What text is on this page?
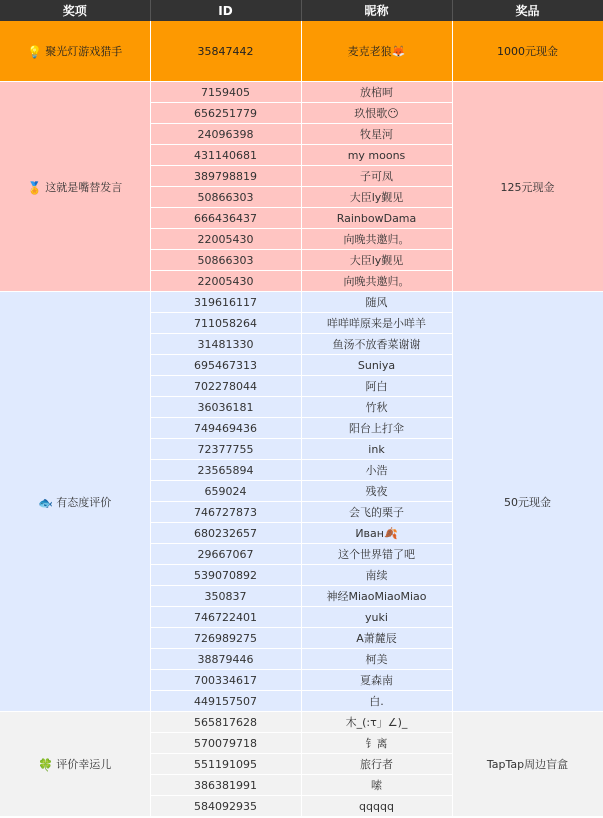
奖项	ID	昵称	奖品
💡 聚光灯游戏猎手	35847442	麦克老狼🦊	1000元现金
🏅 这就是嘴替发言	7159405	放棺呵	125元现金
	656251779	玖恨歌😶	
	24096398	牧星河	
	431140681	my moons	
	389798819	子可凤	
	50866303	大臣ly觐见	
	666436437	RainbowDama	
	22005430	向晚共邀归。	
	50866303	大臣ly觐见	
	22005430	向晚共邀归。	
🐟 有态度评价	319616117	随风	50元现金
	711058264	咩咩咩原来是小咩羊	
	31481330	鱼汤不放香菜谢谢	
	695467313	Suniya	
	702278044	阿白	
	36036181	竹秋	
	749469436	阳台上打伞	
	72377755	ink	
	23565894	小浩	
	659024	残夜	
	746727873	会飞的栗子	
	680232657	Иван🍂	
	29667067	这个世界错了吧	
	539070892	南续	
	350837	神经MiaoMiaoMiao	
	746722401	yuki	
	726989275	A萧麓辰	
	38879446	柯美	
	700334617	夏森南	
	449157507	白.	
🍀 评价幸运儿	565817628	木_(:τ」∠)_	TapTap周边盲盒
	570079718	钅离	
	551191095	旅行者	
	386381991	嗦	
	584092935	qqqqq	
